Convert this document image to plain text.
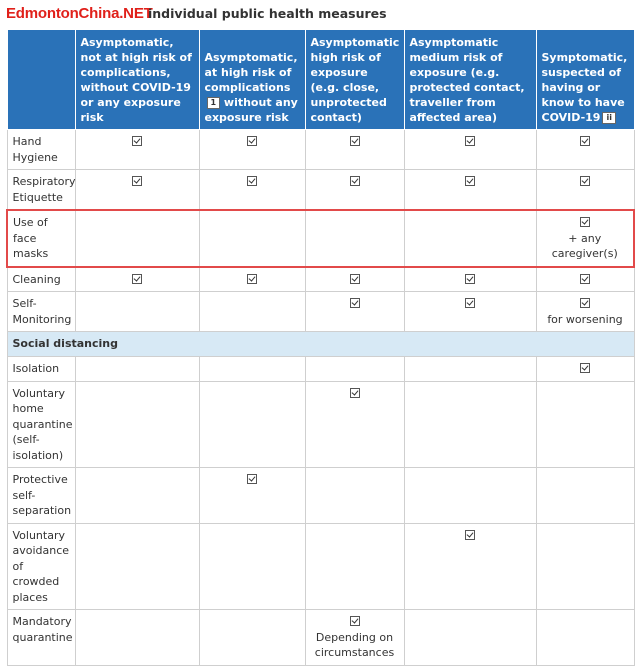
EdmontonChina.NET
individual public health measures
	Asymptomatic, not at high risk of complications, without COVID-19 or any exposure risk	Asymptomatic, at high risk of complications1 without any exposure risk	Asymptomatic high risk of exposure (e.g. close, unprotected contact)	Asymptomatic medium risk of exposure (e.g. protected contact, traveller from affected area)	Symptomatic, suspected of having or know to have COVID-19 ii
Hand Hygiene					
Respiratory Etiquette					
Use of face masks					+ any caregiver(s)

Cleaning					
Self-Monitoring					for worsening

Social distancing					
Isolation					
Voluntary home quarantine (self-isolation)					
Protective self-separation					
Voluntary avoidance of crowded places					
Mandatory quarantine			Depending on circumstances		
